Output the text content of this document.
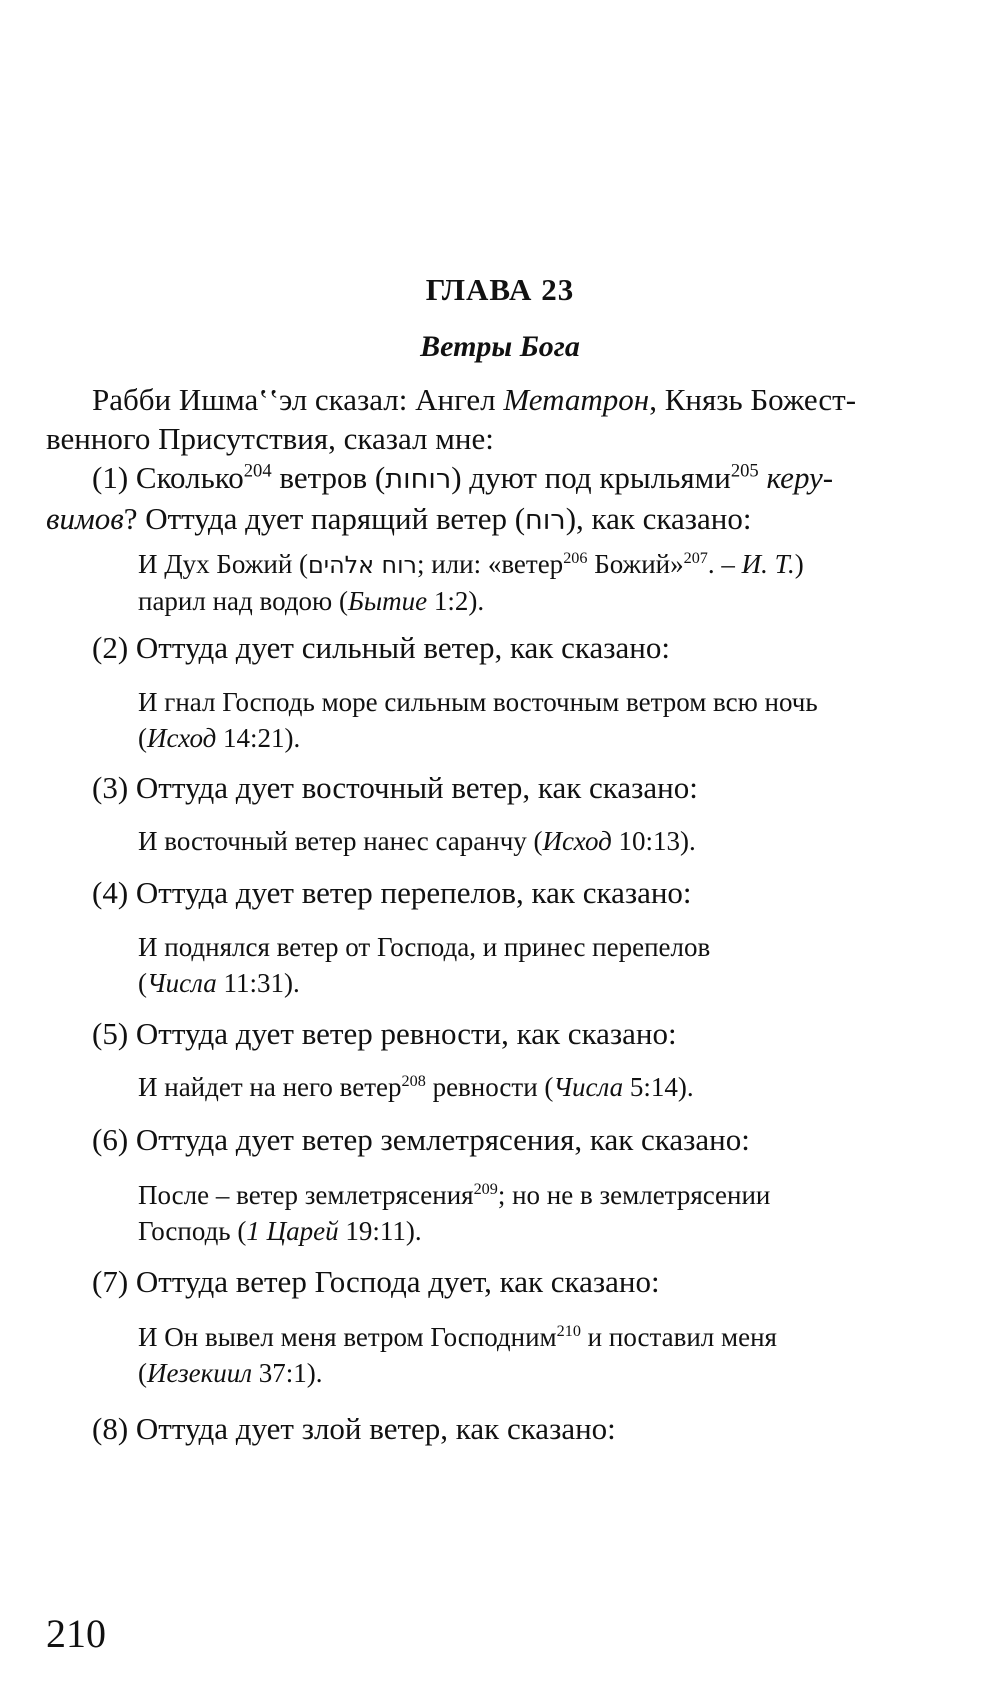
ГЛАВА 23
Ветры Бога
Рабби Ишма‛‛эл сказал: Ангел Метатрон, Князь Божест-
венного Присутствия, сказал мне:
(1) Сколько$^{204}$ ветров (רוחות) дуют под крыльями$^{205}$ керу-
вимов? Оттуда дует парящий ветер (רוח), как сказано:
И Дух Божий (רוח אלהים; или: «ветер$^{206}$ Божий»$^{207}$. – И. Т.)
парил над водою (Бытие 1:2).
(2) Оттуда дует сильный ветер, как сказано:
И гнал Господь море сильным восточным ветром всю ночь
(Исход 14:21).
(3) Оттуда дует восточный ветер, как сказано:
И восточный ветер нанес саранчу (Исход 10:13).
(4) Оттуда дует ветер перепелов, как сказано:
И поднялся ветер от Господа, и принес перепелов
(Числа 11:31).
(5) Оттуда дует ветер ревности, как сказано:
И найдет на него ветер$^{208}$ ревности (Числа 5:14).
(6) Оттуда дует ветер землетрясения, как сказано:
После – ветер землетрясения$^{209}$; но не в землетрясении
Господь (1 Царей 19:11).
(7) Оттуда ветер Господа дует, как сказано:
И Он вывел меня ветром Господним$^{210}$ и поставил меня
(Иезекиил 37:1).
(8) Оттуда дует злой ветер, как сказано:
210
